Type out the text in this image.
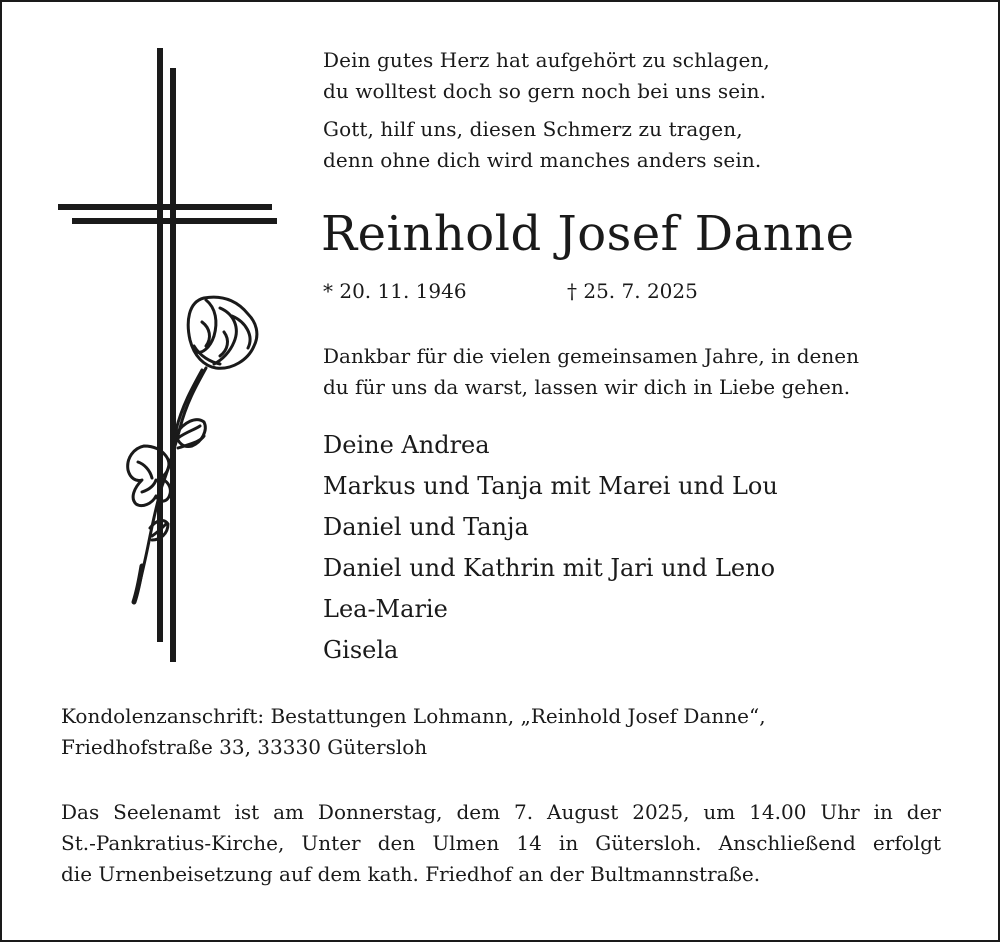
Dein gutes Herz hat aufgehört zu schlagen,
du wolltest doch so gern noch bei uns sein.
Gott, hilf uns, diesen Schmerz zu tragen,
denn ohne dich wird manches anders sein.
Reinhold Josef Danne
* 20. 11. 1946	† 25. 7. 2025
Dankbar für die vielen gemeinsamen Jahre, in denen
du für uns da warst, lassen wir dich in Liebe gehen.
Deine Andrea
Markus und Tanja mit Marei und Lou
Daniel und Tanja
Daniel und Kathrin mit Jari und Leno
Lea-Marie
Gisela
Kondolenzanschrift: Bestattungen Lohmann, „Reinhold Josef Danne“,
Friedhofstraße 33, 33330 Gütersloh
Das Seelenamt ist am Donnerstag, dem 7. August 2025, um 14.00 Uhr in der
St.-Pankratius-Kirche, Unter den Ulmen 14 in Gütersloh. Anschließend erfolgt
die Urnenbeisetzung auf dem kath. Friedhof an der Bultmannstraße.
